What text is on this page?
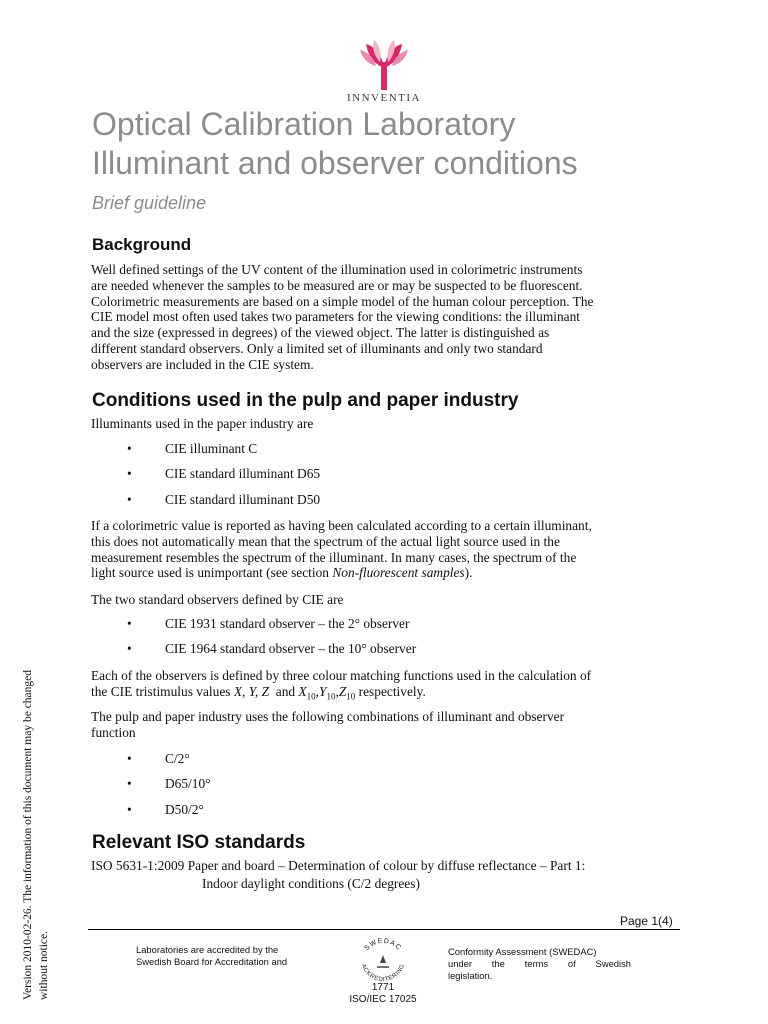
INNVENTIA
Optical Calibration Laboratory
Illuminant and observer conditions
Brief guideline
Background
Well defined settings of the UV content of the illumination used in colorimetric instruments
are needed whenever the samples to be measured are or may be suspected to be fluorescent.
Colorimetric measurements are based on a simple model of the human colour perception. The
CIE model most often used takes two parameters for the viewing conditions: the illuminant
and the size (expressed in degrees) of the viewed object. The latter is distinguished as
different standard observers. Only a limited set of illuminants and only two standard
observers are included in the CIE system.
Conditions used in the pulp and paper industry
Illuminants used in the paper industry are
• CIE illuminant C
• CIE standard illuminant D65
• CIE standard illuminant D50
If a colorimetric value is reported as having been calculated according to a certain illuminant,
this does not automatically mean that the spectrum of the actual light source used in the
measurement resembles the spectrum of the illuminant. In many cases, the spectrum of the
light source used is unimportant (see section Non-fluorescent samples).
The two standard observers defined by CIE are
• CIE 1931 standard observer – the 2° observer
• CIE 1964 standard observer – the 10° observer
Each of the observers is defined by three colour matching functions used in the calculation of
the CIE tristimulus values X, Y, Z  and $X_{10},Y_{10},Z_{10}$ respectively.
The pulp and paper industry uses the following combinations of illuminant and observer
function
• C/2°
• D65/10°
• D50/2°
Relevant ISO standards
ISO 5631-1:2009 Paper and board – Determination of colour by diffuse reflectance – Part 1:
Indoor daylight conditions (C/2 degrees)
Version 2010-02-26. The information of this document may be changed without notice.
Page 1(4)
Laboratories are accredited by the
Swedish Board for Accreditation and
SWEDAC
ACKREDITERING
1771
ISO/IEC 17025
Conformity Assessment (SWEDAC)
under the terms of Swedish
legislation.
